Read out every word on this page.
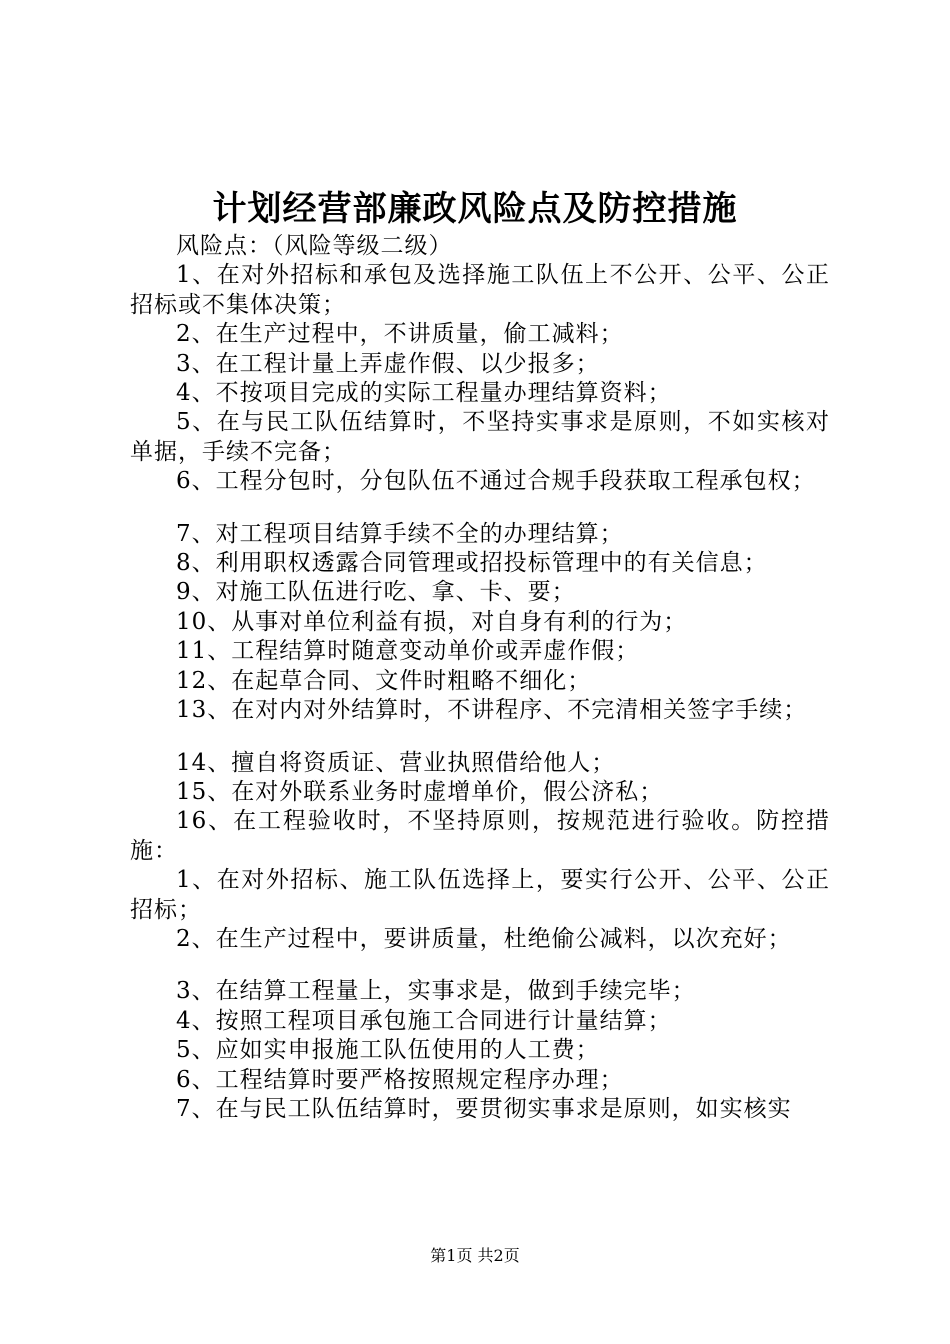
计划经营部廉政风险点及防控措施

风险点：（风险等级二级）

1、在对外招标和承包及选择施工队伍上不公开、公平、公正招标或不集体决策；

2、在生产过程中，不讲质量，偷工减料；

3、在工程计量上弄虚作假、以少报多；

4、不按项目完成的实际工程量办理结算资料；

5、在与民工队伍结算时，不坚持实事求是原则，不如实核对单据，手续不完备；

6、工程分包时，分包队伍不通过合规手段获取工程承包权；

7、对工程项目结算手续不全的办理结算；

8、利用职权透露合同管理或招投标管理中的有关信息；

9、对施工队伍进行吃、拿、卡、要；

10、从事对单位利益有损，对自身有利的行为；

11、工程结算时随意变动单价或弄虚作假；

12、在起草合同、文件时粗略不细化；

13、在对内对外结算时，不讲程序、不完清相关签字手续；

14、擅自将资质证、营业执照借给他人；

15、在对外联系业务时虚增单价，假公济私；

16、在工程验收时，不坚持原则，按规范进行验收。防控措施：

1、在对外招标、施工队伍选择上，要实行公开、公平、公正招标；

2、在生产过程中，要讲质量，杜绝偷公减料，以次充好；

3、在结算工程量上，实事求是，做到手续完毕；

4、按照工程项目承包施工合同进行计量结算；

5、应如实申报施工队伍使用的人工费；

6、工程结算时要严格按照规定程序办理；

7、在与民工队伍结算时，要贯彻实事求是原则，如实核实

第1页 共2页
